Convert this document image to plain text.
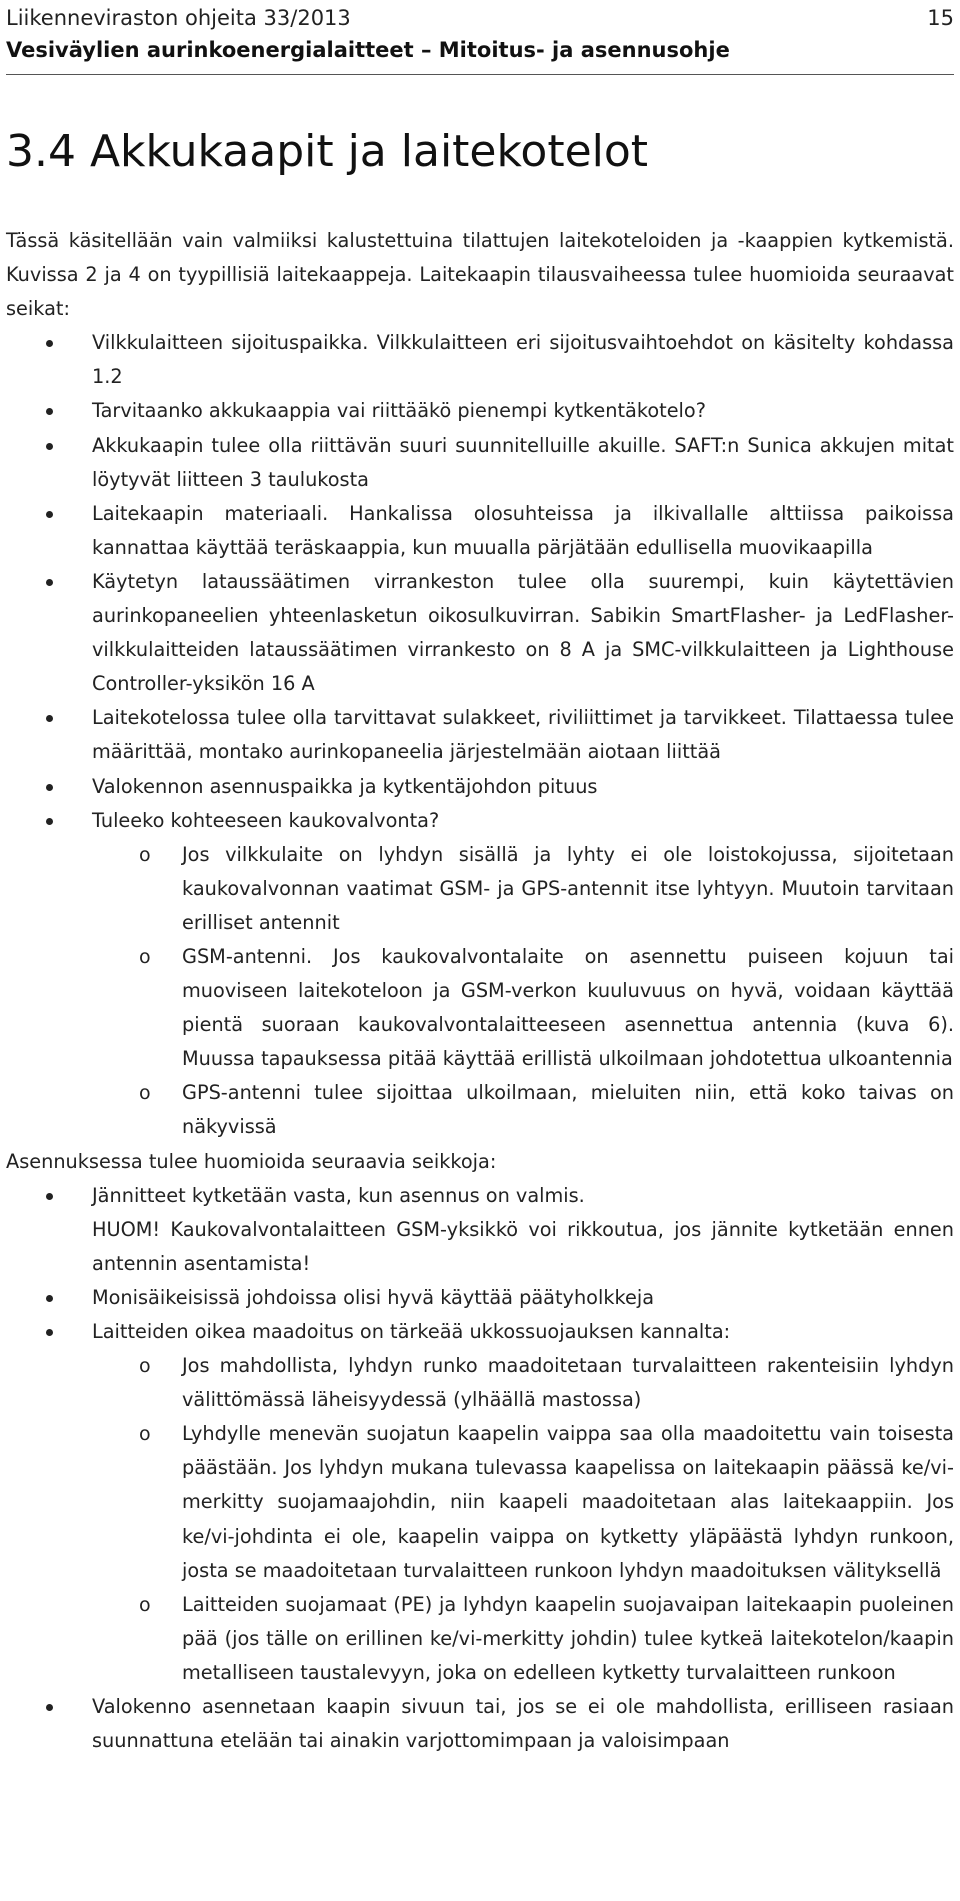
Liikenneviraston ohjeita 33/2013	15
Vesiväylien aurinkoenergialaitteet – Mitoitus- ja asennusohje
3.4 Akkukaapit ja laitekotelot

Tässä käsitellään vain valmiiksi kalustettuina tilattujen laitekoteloiden ja -kaappien kytkemistä. Kuvissa 2 ja 4 on tyypillisiä laitekaappeja. Laitekaapin tilausvaiheessa tulee huomioida seuraavat seikat:

Vilkkulaitteen sijoituspaikka. Vilkkulaitteen eri sijoitusvaihtoehdot on käsitelty kohdassa 1.2
Tarvitaanko akkukaappia vai riittääkö pienempi kytkentäkotelo?
Akkukaapin tulee olla riittävän suuri suunnitelluille akuille. SAFT:n Sunica akkujen mitat löytyvät liitteen 3 taulukosta
Laitekaapin materiaali. Hankalissa olosuhteissa ja ilkivallalle alttiissa paikoissa kannattaa käyttää teräskaappia, kun muualla pärjätään edullisella muovikaapilla
Käytetyn lataussäätimen virrankeston tulee olla suurempi, kuin käytettävien aurinkopaneelien yhteenlasketun oikosulkuvirran. Sabikin SmartFlasher- ja LedFlasher-vilkkulaitteiden lataussäätimen virrankesto on 8 A ja SMC-vilkkulaitteen ja Lighthouse Controller-yksikön 16 A
Laitekotelossa tulee olla tarvittavat sulakkeet, riviliittimet ja tarvikkeet. Tilattaessa tulee määrittää, montako aurinkopaneelia järjestelmään aiotaan liittää
Valokennon asennuspaikka ja kytkentäjohdon pituus
Tuleeko kohteeseen kaukovalvonta?
o Jos vilkkulaite on lyhdyn sisällä ja lyhty ei ole loistokojussa, sijoitetaan kaukovalvonnan vaatimat GSM- ja GPS-antennit itse lyhtyyn. Muutoin tarvitaan erilliset antennit
o GSM-antenni. Jos kaukovalvontalaite on asennettu puiseen kojuun tai muoviseen laitekoteloon ja GSM-verkon kuuluvuus on hyvä, voidaan käyttää pientä suoraan kaukovalvontalaitteeseen asennettua antennia (kuva 6). Muussa tapauksessa pitää käyttää erillistä ulkoilmaan johdotettua ulkoantennia
o GPS-antenni tulee sijoittaa ulkoilmaan, mieluiten niin, että koko taivas on näkyvissä

Asennuksessa tulee huomioida seuraavia seikkoja:

Jännitteet kytketään vasta, kun asennus on valmis.
HUOM! Kaukovalvontalaitteen GSM-yksikkö voi rikkoutua, jos jännite kytketään ennen antennin asentamista!
Monisäikeisissä johdoissa olisi hyvä käyttää päätyholkkeja
Laitteiden oikea maadoitus on tärkeää ukkossuojauksen kannalta:
o Jos mahdollista, lyhdyn runko maadoitetaan turvalaitteen rakenteisiin lyhdyn välittömässä läheisyydessä (ylhäällä mastossa)
o Lyhdylle menevän suojatun kaapelin vaippa saa olla maadoitettu vain toisesta päästään. Jos lyhdyn mukana tulevassa kaapelissa on laitekaapin päässä ke/vi-merkitty suojamaajohdin, niin kaapeli maadoitetaan alas laitekaappiin. Jos ke/vi-johdinta ei ole, kaapelin vaippa on kytketty yläpäästä lyhdyn runkoon, josta se maadoitetaan turvalaitteen runkoon lyhdyn maadoituksen välityksellä
o Laitteiden suojamaat (PE) ja lyhdyn kaapelin suojavaipan laitekaapin puoleinen pää (jos tälle on erillinen ke/vi-merkitty johdin) tulee kytkeä laitekotelon/kaapin metalliseen taustalevyyn, joka on edelleen kytketty turvalaitteen runkoon
Valokenno asennetaan kaapin sivuun tai, jos se ei ole mahdollista, erilliseen rasiaan suunnattuna etelään tai ainakin varjottomimpaan ja valoisimpaan
